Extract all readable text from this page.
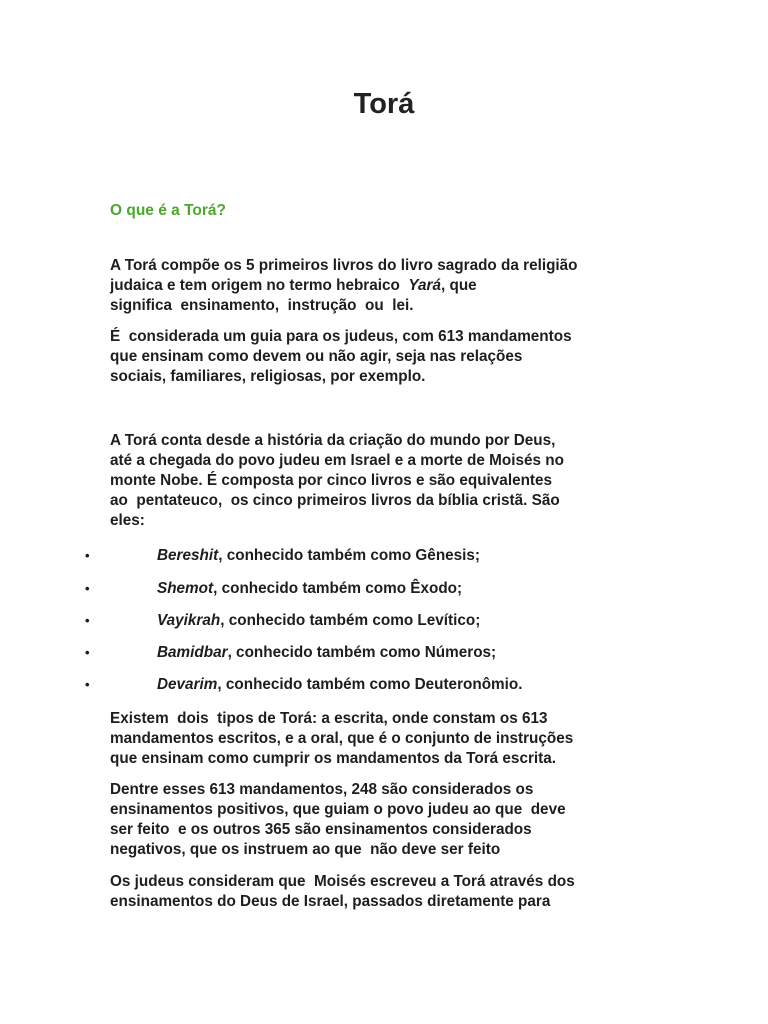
Torá
O que é a Torá?

A Torá compõe os 5 primeiros livros do livro sagrado da religião
judaica e tem origem no termo hebraico  Yará, que
significa  ensinamento,  instrução  ou  lei.

É  considerada um guia para os judeus, com 613 mandamentos
que ensinam como devem ou não agir, seja nas relações
sociais, familiares, religiosas, por exemplo.

A Torá conta desde a história da criação do mundo por Deus,
até a chegada do povo judeu em Israel e a morte de Moisés no
monte Nobe. É composta por cinco livros e são equivalentes
ao  pentateuco,  os cinco primeiros livros da bíblia cristã. São
eles:

•	Bereshit, conhecido também como Gênesis;
•	Shemot, conhecido também como Êxodo;
•	Vayikrah, conhecido também como Levítico;
•	Bamidbar, conhecido também como Números;
•	Devarim, conhecido também como Deuteronômio.

Existem  dois  tipos de Torá: a escrita, onde constam os 613
mandamentos escritos, e a oral, que é o conjunto de instruções
que ensinam como cumprir os mandamentos da Torá escrita.

Dentre esses 613 mandamentos, 248 são considerados os
ensinamentos positivos, que guiam o povo judeu ao que  deve
ser feito  e os outros 365 são ensinamentos considerados
negativos, que os instruem ao que  não deve ser feito

Os judeus consideram que  Moisés escreveu a Torá através dos
ensinamentos do Deus de Israel, passados diretamente para
